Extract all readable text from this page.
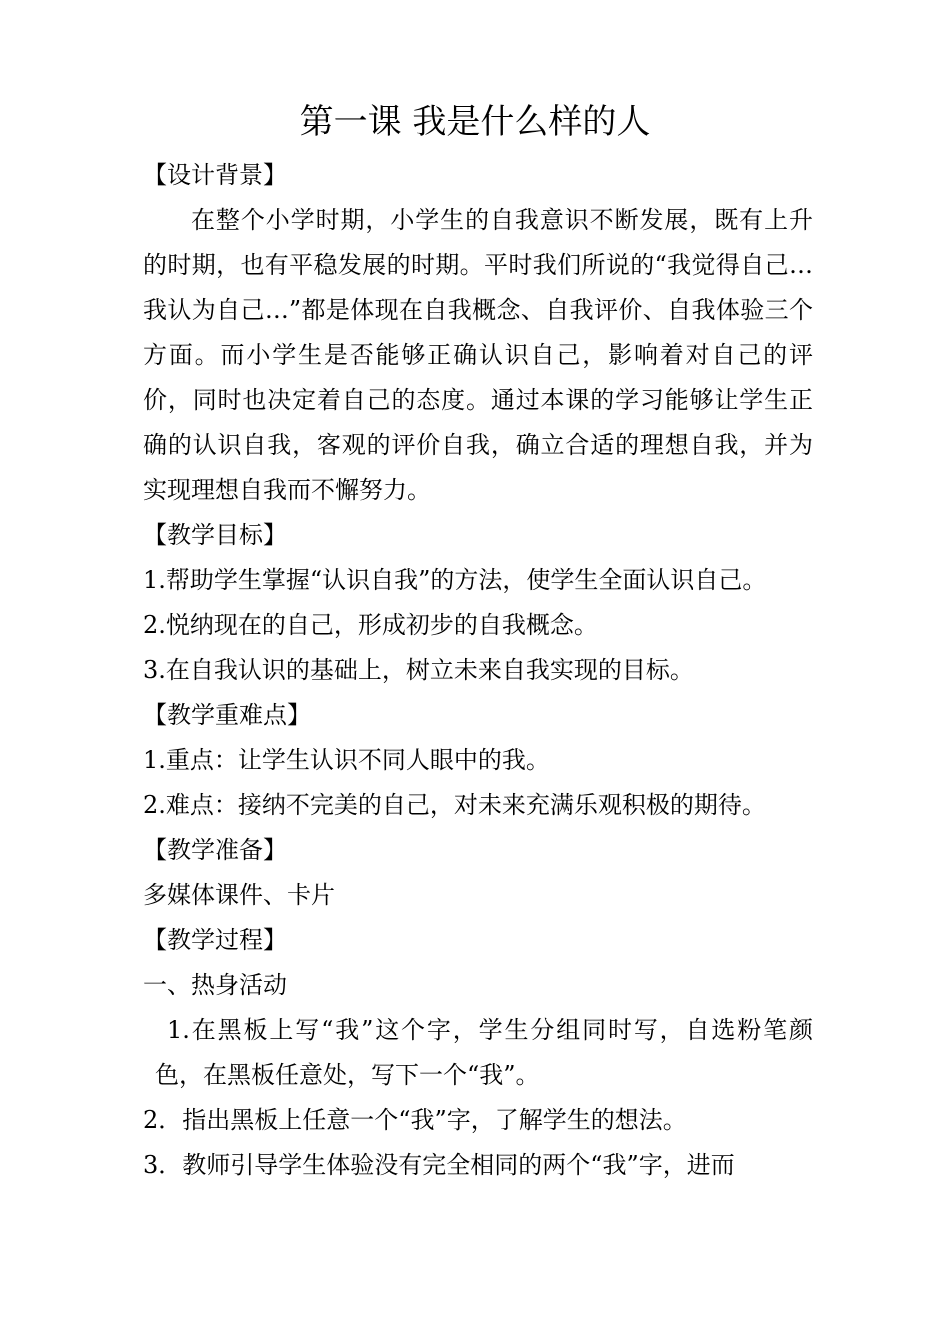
第一课 我是什么样的人

【设计背景】

在整个小学时期，小学生的自我意识不断发展，既有上升的时期，也有平稳发展的时期。平时我们所说的“我觉得自己…我认为自己…”都是体现在自我概念、自我评价、自我体验三个方面。而小学生是否能够正确认识自己，影响着对自己的评价，同时也决定着自己的态度。通过本课的学习能够让学生正确的认识自我，客观的评价自我，确立合适的理想自我，并为实现理想自我而不懈努力。

【教学目标】

1.帮助学生掌握“认识自我”的方法，使学生全面认识自己。

2.悦纳现在的自己，形成初步的自我概念。

3.在自我认识的基础上，树立未来自我实现的目标。

【教学重难点】

1.重点：让学生认识不同人眼中的我。

2.难点：接纳不完美的自己，对未来充满乐观积极的期待。

【教学准备】

多媒体课件、卡片

【教学过程】

一、热身活动

1.在黑板上写“我”这个字，学生分组同时写，自选粉笔颜色，在黑板任意处，写下一个“我”。

2．指出黑板上任意一个“我”字，了解学生的想法。

3．教师引导学生体验没有完全相同的两个“我”字，进而
